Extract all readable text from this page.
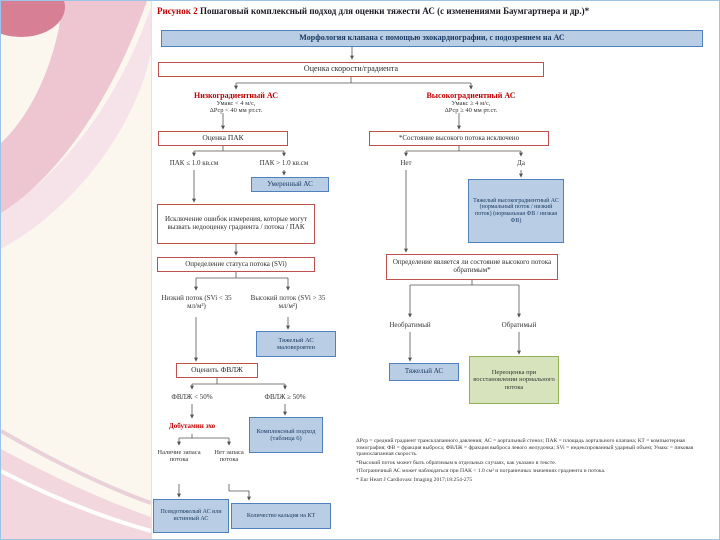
Рисунок 2 Пошаговый комплексный подход для оценки тяжести АС (с изменениями Баумгартнера и др.)*
Морфология клапана с помощью эхокардиографии, с подозрением на АС
Оценка скорости/градиента
Низкоградиентный АС
Умакс < 4 м/с,
ΔРср < 40 мм рт.ст.
Высокоградиентный АС
Умакс ≥ 4 м/с,
ΔРср ≥ 40 мм рт.ст.
Оценка ПАК	*Состояние высокого потока исключено
ПАК ≤ 1.0 кв.см	ПАК > 1.0 кв.см	Нет	Да
Умеренный АС
Тяжелый высокоградиентный АС (нормальный поток / низкий поток) (нормальная ФВ / низкая ФВ)
Исключение ошибок измерения, которые могут вызвать недооценку градиента / потока / ПАК
Определение статуса потока (SVi)	Определение является ли состояние высокого потока обратимым*
Низкий поток (SVi < 35 мл/м²)
Высокий поток (SVi > 35 мл/м²)
Необратимый	Обратимый
Тяжелый АС маловероятен
Тяжелый АС	Переоценка при восстановлении нормального потока
Оценить ФВЛЖ
ФВЛЖ < 50%	ФВЛЖ ≥ 50%
Добутамин эхо
Комплексный подход (таблица 6)
Наличие запаса потока
Нет запаса потока
Псевдотяжелый АС или истинный АС
Количество кальция на КТ
ΔРср = средний градиент трансклапанного давления; АС = аортальный стеноз; ПАК = площадь аортального клапана; КТ = компьютерная томография; ФВ = фракция выброса; ФВЛЖ = фракция выброса левого желудочка; SVi = индексированный ударный объем; Умакс = пиковая трансклапанная скорость.
*Высокий поток может быть обратимым в отдельных случаях, как указано в тексте.
†Пограничный АС может наблюдаться при ПАК < 1.0 см² и пограничных значениях градиента и потока.
* Eur Heart J Cardiovasc Imaging 2017;18:254-275
